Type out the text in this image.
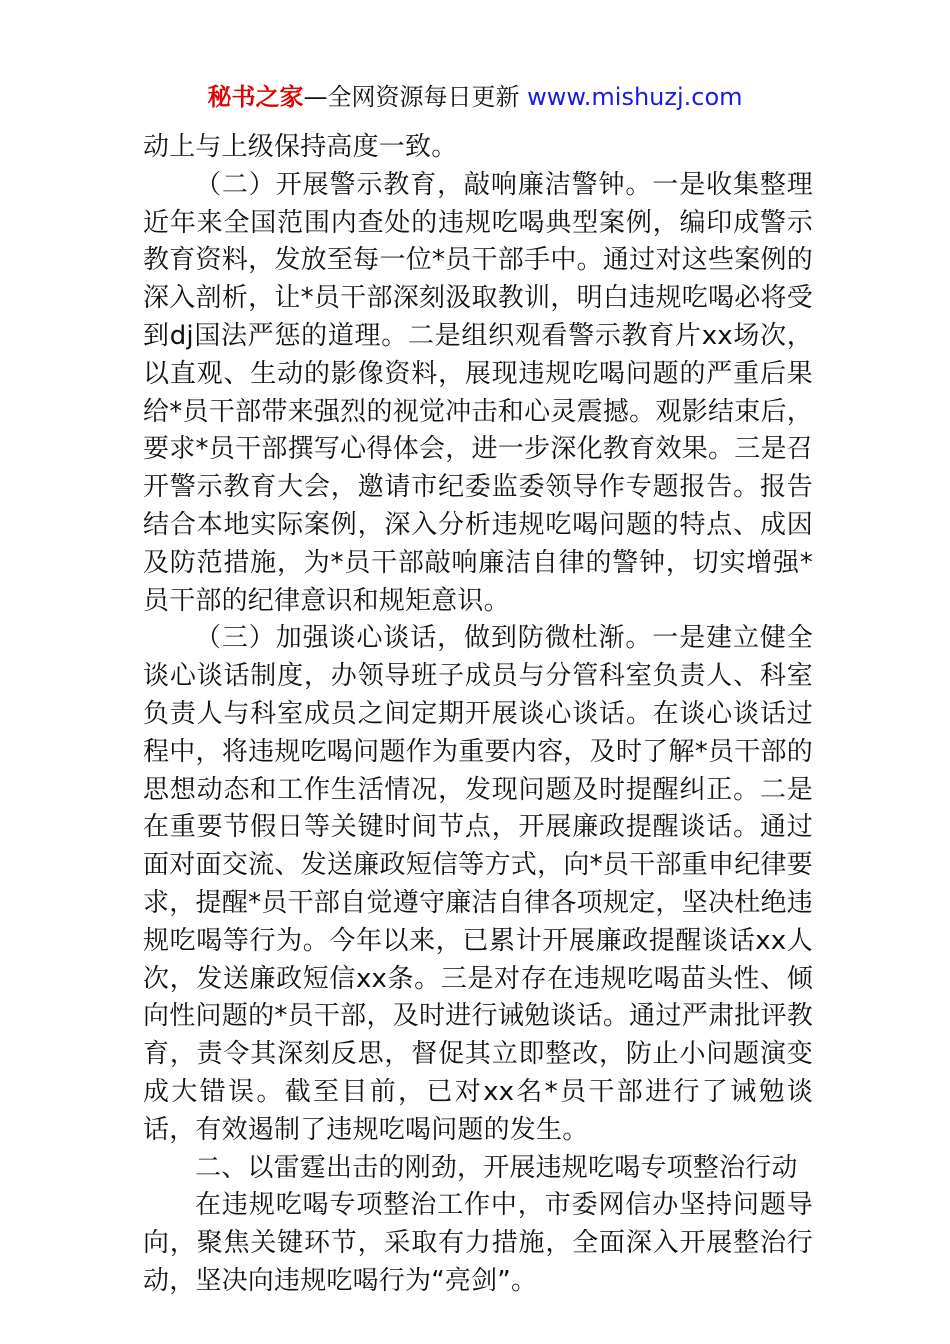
秘书之家—全网资源每日更新 www.mishuzj.com

动上与上级保持高度一致。

（二）开展警示教育，敲响廉洁警钟。一是收集整理近年来全国范围内查处的违规吃喝典型案例，编印成警示教育资料，发放至每一位*员干部手中。通过对这些案例的深入剖析，让*员干部深刻汲取教训，明白违规吃喝必将受到dj国法严惩的道理。二是组织观看警示教育片xx场次，以直观、生动的影像资料，展现违规吃喝问题的严重后果给*员干部带来强烈的视觉冲击和心灵震撼。观影结束后，要求*员干部撰写心得体会，进一步深化教育效果。三是召开警示教育大会，邀请市纪委监委领导作专题报告。报告结合本地实际案例，深入分析违规吃喝问题的特点、成因及防范措施，为*员干部敲响廉洁自律的警钟，切实增强*员干部的纪律意识和规矩意识。

（三）加强谈心谈话，做到防微杜渐。一是建立健全谈心谈话制度，办领导班子成员与分管科室负责人、科室负责人与科室成员之间定期开展谈心谈话。在谈心谈话过程中，将违规吃喝问题作为重要内容，及时了解*员干部的思想动态和工作生活情况，发现问题及时提醒纠正。二是在重要节假日等关键时间节点，开展廉政提醒谈话。通过面对面交流、发送廉政短信等方式，向*员干部重申纪律要求，提醒*员干部自觉遵守廉洁自律各项规定，坚决杜绝违规吃喝等行为。今年以来，已累计开展廉政提醒谈话xx人次，发送廉政短信xx条。三是对存在违规吃喝苗头性、倾向性问题的*员干部，及时进行诫勉谈话。通过严肃批评教育，责令其深刻反思，督促其立即整改，防止小问题演变成大错误。截至目前，已对xx名*员干部进行了诫勉谈话，有效遏制了违规吃喝问题的发生。

二、以雷霆出击的刚劲，开展违规吃喝专项整治行动

在违规吃喝专项整治工作中，市委网信办坚持问题导向，聚焦关键环节，采取有力措施，全面深入开展整治行动，坚决向违规吃喝行为“亮剑”。
